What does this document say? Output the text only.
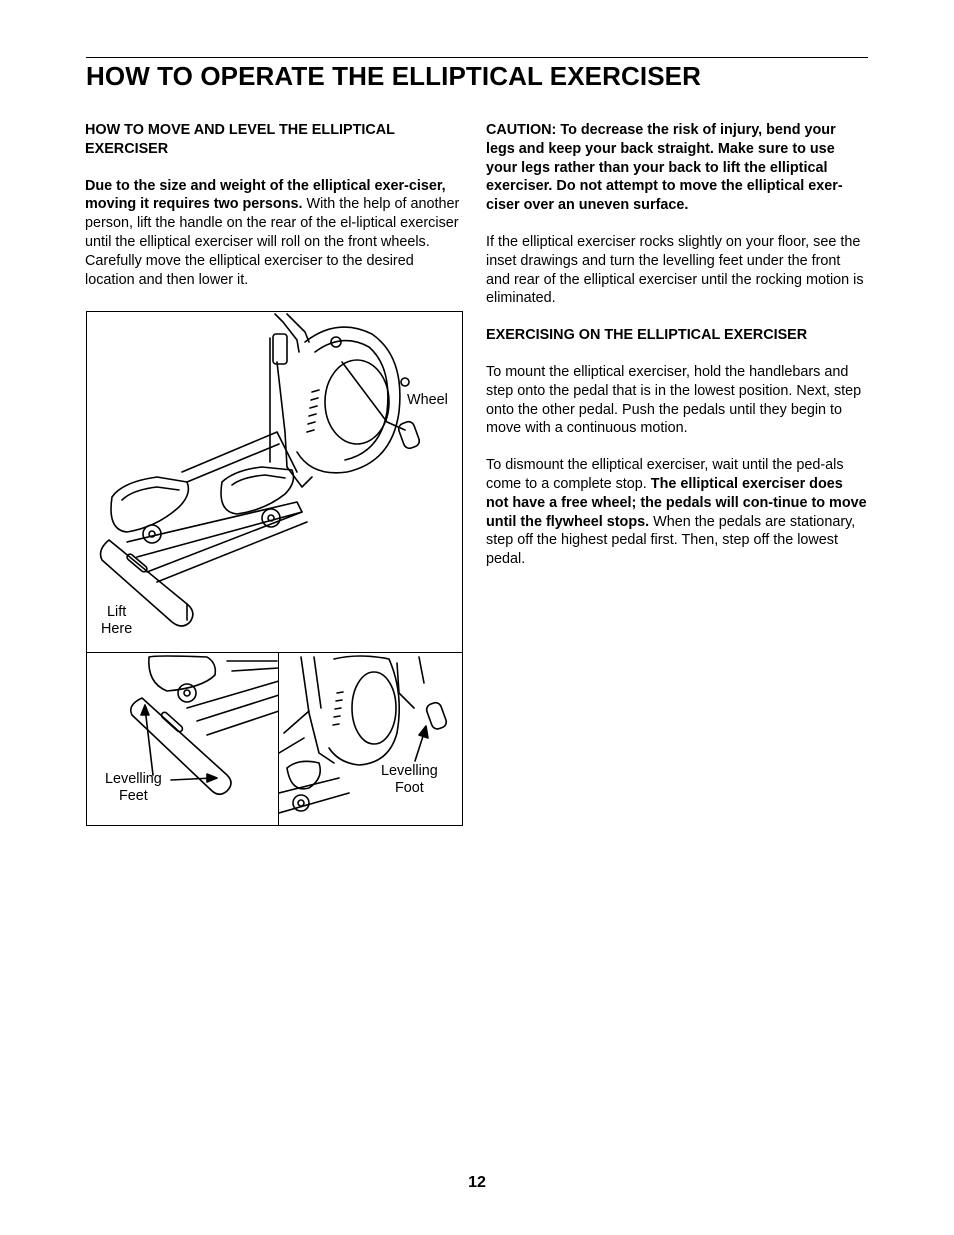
HOW TO OPERATE THE ELLIPTICAL EXERCISER
HOW TO MOVE AND LEVEL THE ELLIPTICAL EXERCISER

Due to the size and weight of the elliptical exer-ciser, moving it requires two persons. With the help of another person, lift the handle on the rear of the el-liptical exerciser until the elliptical exerciser will roll on the front wheels. Carefully move the elliptical exerciser to the desired location and then lower it.

Wheel
Lift
Here
Levelling
Feet
Levelling
Foot

CAUTION: To decrease the risk of injury, bend your legs and keep your back straight. Make sure to use your legs rather than your back to lift the elliptical exerciser. Do not attempt to move the elliptical exer-ciser over an uneven surface.

If the elliptical exerciser rocks slightly on your floor, see the inset drawings and turn the levelling feet under the front and rear of the elliptical exerciser until the rocking motion is eliminated.

EXERCISING ON THE ELLIPTICAL EXERCISER

To mount the elliptical exerciser, hold the handlebars and step onto the pedal that is in the lowest position. Next, step onto the other pedal. Push the pedals until they begin to move with a continuous motion.

To dismount the elliptical exerciser, wait until the ped-als come to a complete stop. The elliptical exerciser does not have a free wheel; the pedals will con-tinue to move until the flywheel stops. When the pedals are stationary, step off the highest pedal first. Then, step off the lowest pedal.

12
